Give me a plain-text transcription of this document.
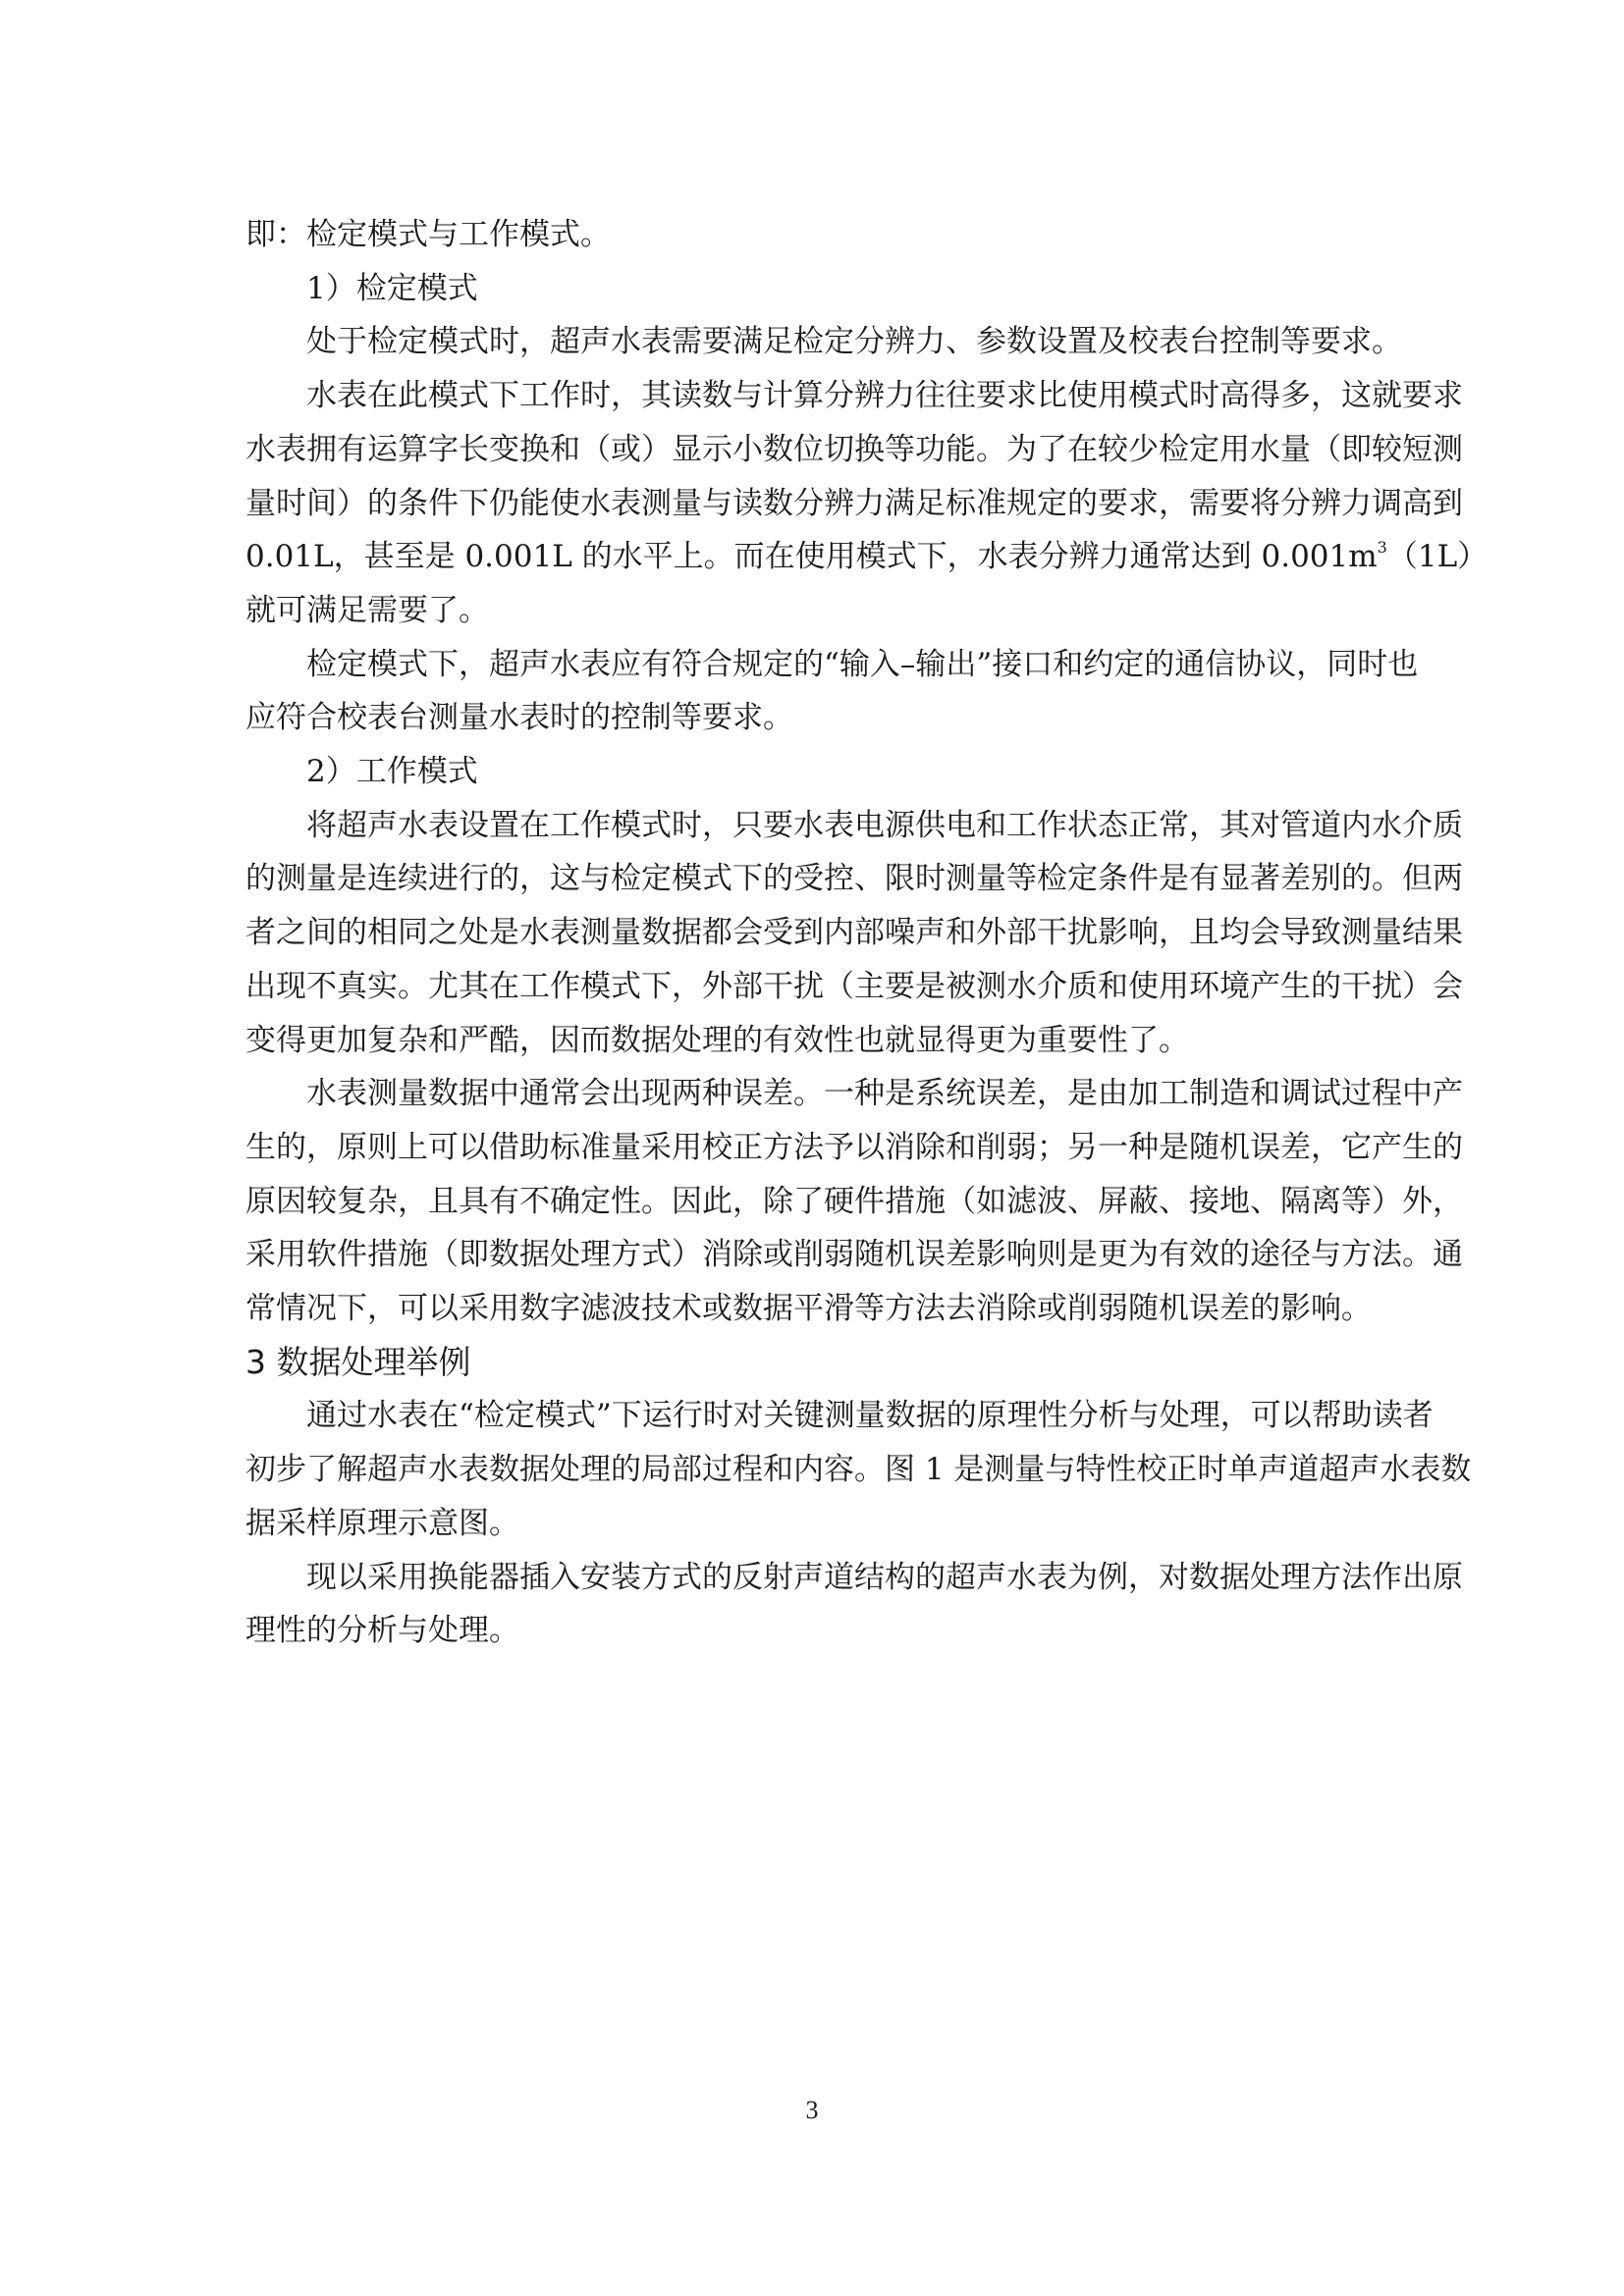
即：检定模式与工作模式。

1）检定模式

处于检定模式时，超声水表需要满足检定分辨力、参数设置及校表台控制等要求。

水表在此模式下工作时，其读数与计算分辨力往往要求比使用模式时高得多，这就要求

水表拥有运算字长变换和（或）显示小数位切换等功能。为了在较少检定用水量（即较短测

量时间）的条件下仍能使水表测量与读数分辨力满足标准规定的要求，需要将分辨力调高到

0.01L，甚至是 0.001L 的水平上。而在使用模式下，水表分辨力通常达到 $0.001m^3(1L)$

就可满足需要了。

检定模式下，超声水表应有符合规定的“输入–输出”接口和约定的通信协议，同时也

应符合校表台测量水表时的控制等要求。

2）工作模式

将超声水表设置在工作模式时，只要水表电源供电和工作状态正常，其对管道内水介质

的测量是连续进行的，这与检定模式下的受控、限时测量等检定条件是有显著差别的。但两

者之间的相同之处是水表测量数据都会受到内部噪声和外部干扰影响，且均会导致测量结果

出现不真实。尤其在工作模式下，外部干扰（主要是被测水介质和使用环境产生的干扰）会

变得更加复杂和严酷，因而数据处理的有效性也就显得更为重要性了。

水表测量数据中通常会出现两种误差。一种是系统误差，是由加工制造和调试过程中产

生的，原则上可以借助标准量采用校正方法予以消除和削弱；另一种是随机误差，它产生的

原因较复杂，且具有不确定性。因此，除了硬件措施（如滤波、屏蔽、接地、隔离等）外，

采用软件措施（即数据处理方式）消除或削弱随机误差影响则是更为有效的途径与方法。通

常情况下，可以采用数字滤波技术或数据平滑等方法去消除或削弱随机误差的影响。

3 数据处理举例

通过水表在“检定模式”下运行时对关键测量数据的原理性分析与处理，可以帮助读者

初步了解超声水表数据处理的局部过程和内容。图 1 是测量与特性校正时单声道超声水表数

据采样原理示意图。

现以采用换能器插入安装方式的反射声道结构的超声水表为例，对数据处理方法作出原

理性的分析与处理。

3
